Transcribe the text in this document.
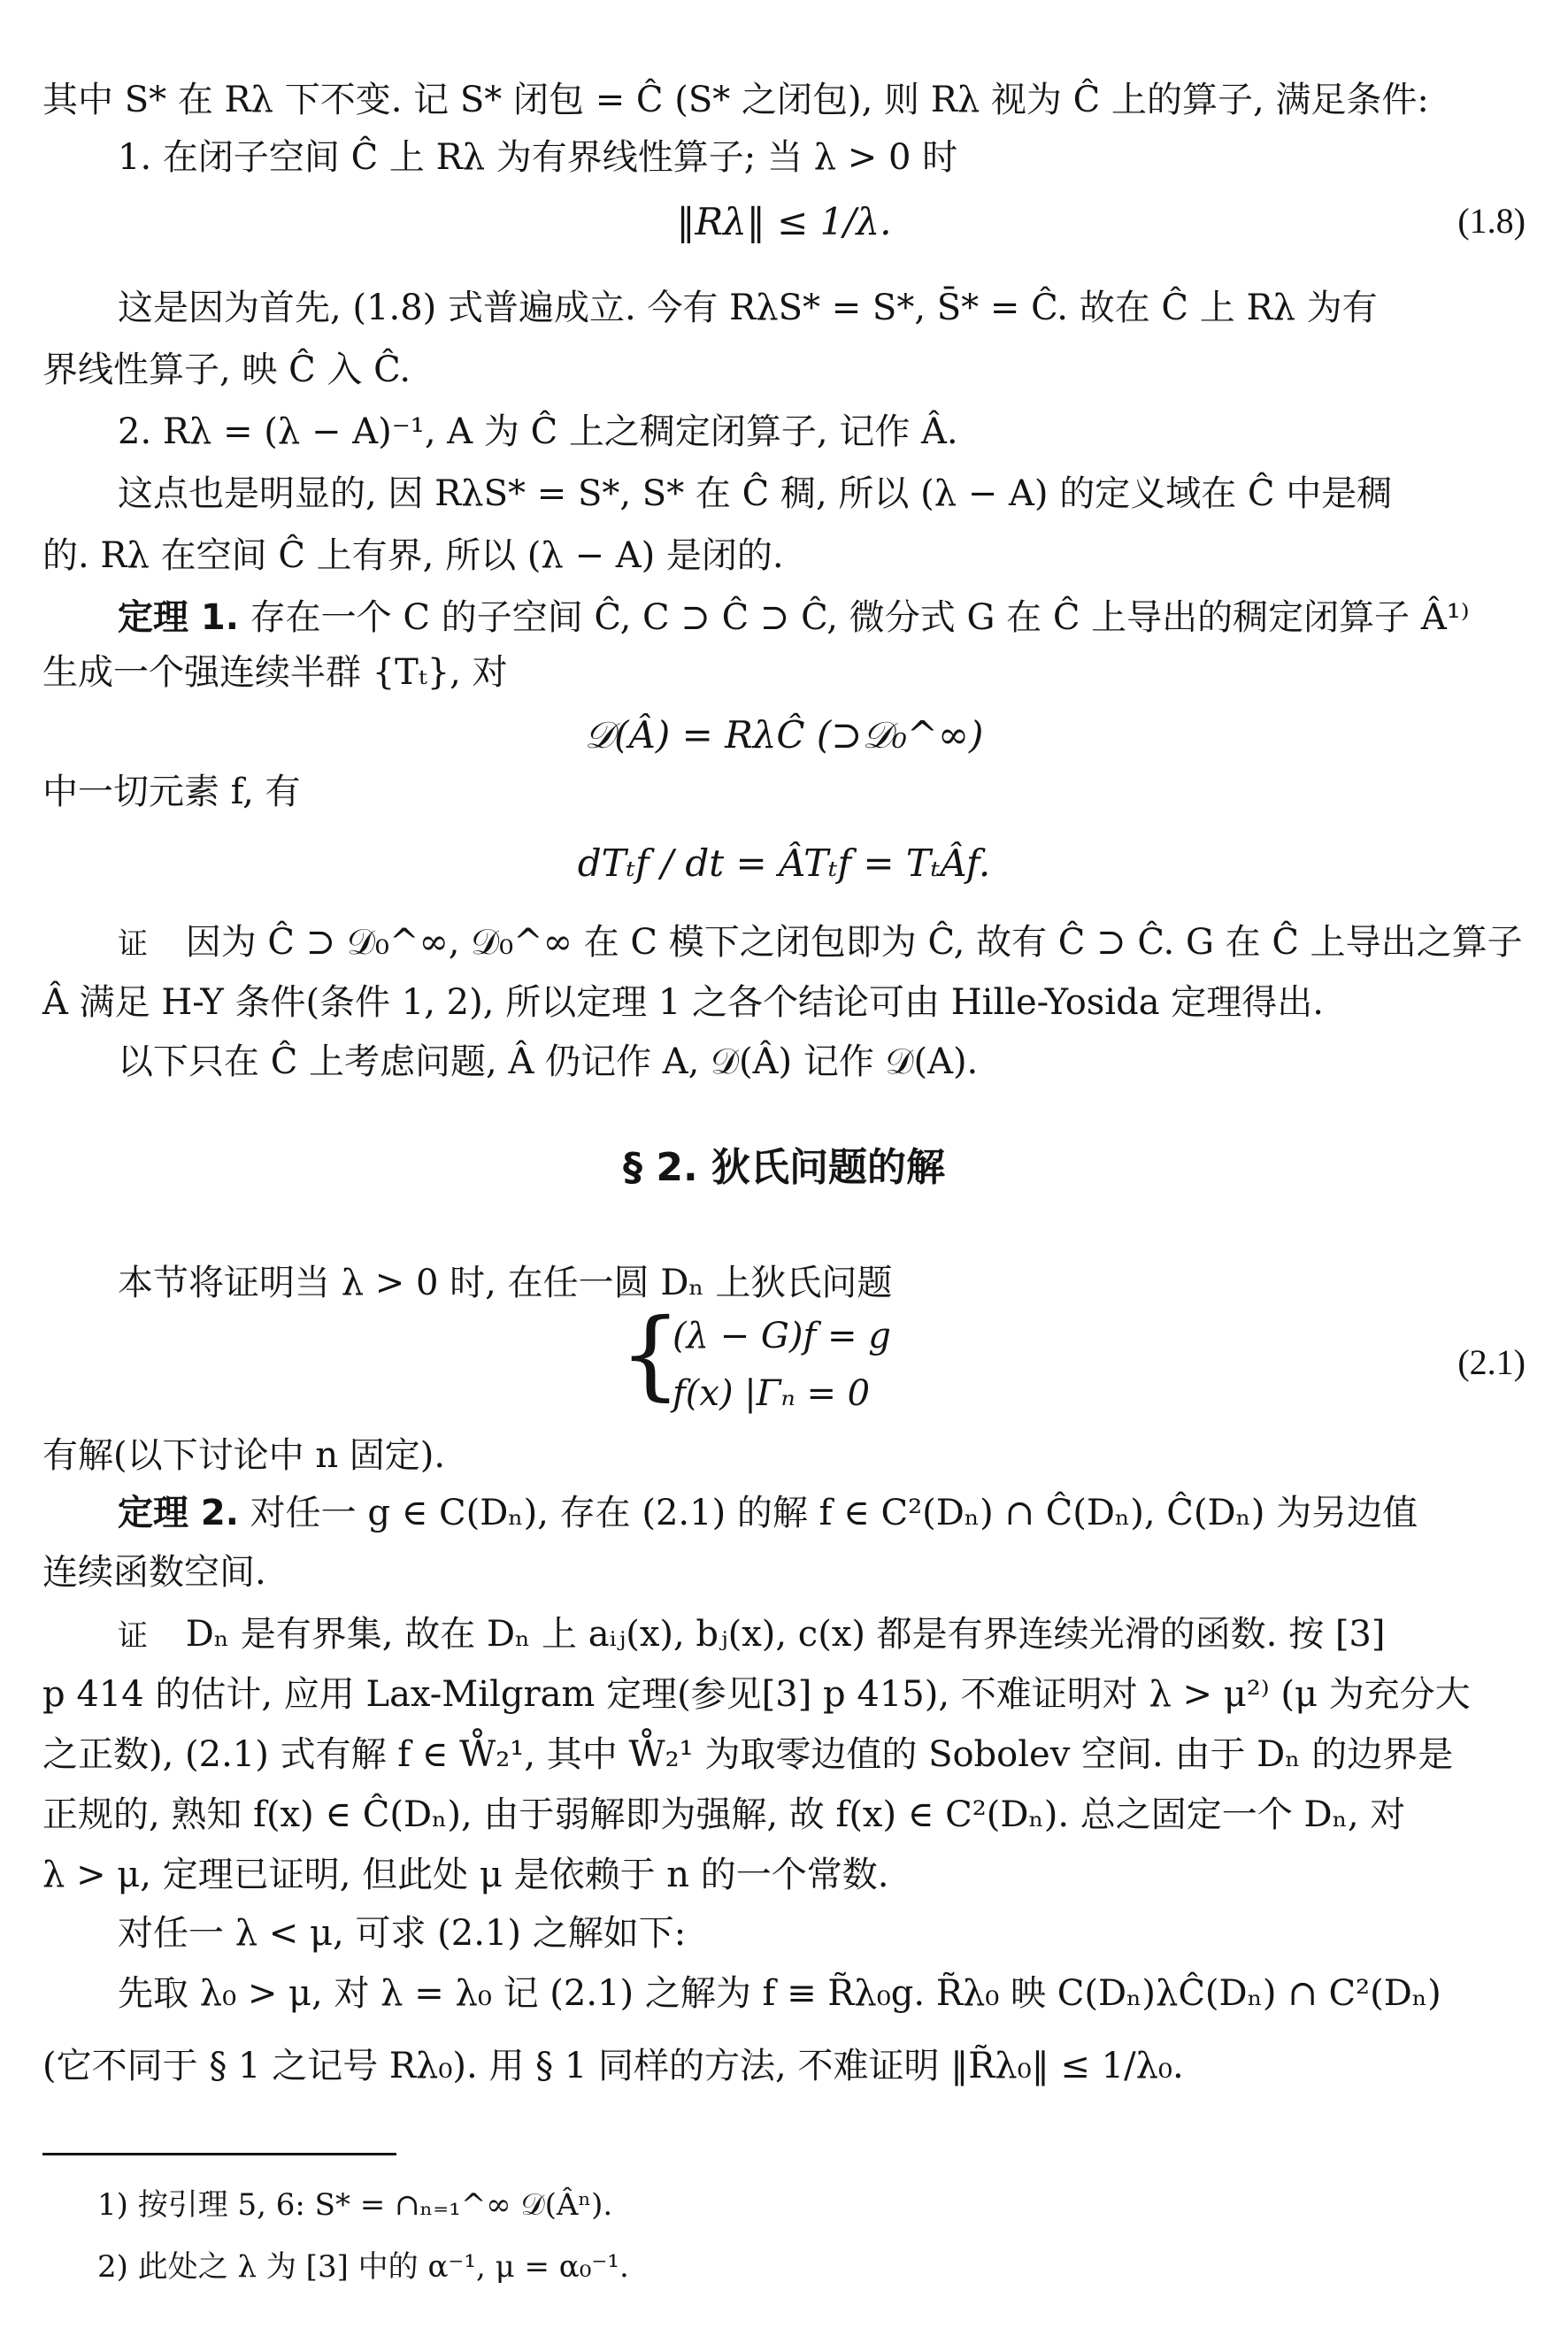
其中 S* 在 Rλ 下不变. 记 S* 闭包 = Ĉ (S* 之闭包), 则 Rλ 视为 Ĉ 上的算子, 满足条件:
1. 在闭子空间 Ĉ 上 Rλ 为有界线性算子; 当 λ > 0 时
‖Rλ‖ ≤ 1/λ.	(1.8)
这是因为首先, (1.8) 式普遍成立. 今有 RλS* = S*, S̄* = Ĉ. 故在 Ĉ 上 Rλ 为有
界线性算子, 映 Ĉ 入 Ĉ.
2. Rλ = (λ − A)⁻¹, A 为 Ĉ 上之稠定闭算子, 记作 Â.
这点也是明显的, 因 RλS* = S*, S* 在 Ĉ 稠, 所以 (λ − A) 的定义域在 Ĉ 中是稠
的. Rλ 在空间 Ĉ 上有界, 所以 (λ − A) 是闭的.
定理 1. 存在一个 C 的子空间 Ĉ, C ⊃ Ĉ ⊃ Ĉ, 微分式 G 在 Ĉ 上导出的稠定闭算子 Â¹⁾
生成一个强连续半群 {Tₜ}, 对
𝒟(Â) = RλĈ (⊃𝒟₀^∞)
中一切元素 f, 有
dTₜf / dt = ÂTₜf = TₜÂf.
证 因为 Ĉ ⊃ 𝒟₀^∞, 𝒟₀^∞ 在 C 模下之闭包即为 Ĉ, 故有 Ĉ ⊃ Ĉ. G 在 Ĉ 上导出之算子
Â 满足 H-Y 条件(条件 1, 2), 所以定理 1 之各个结论可由 Hille-Yosida 定理得出.
以下只在 Ĉ 上考虑问题, Â 仍记作 A, 𝒟(Â) 记作 𝒟(A).
§ 2. 狄氏问题的解
本节将证明当 λ > 0 时, 在任一圆 Dₙ 上狄氏问题
{
(λ − G)f = g
f(x) |Γₙ = 0
(2.1)
有解(以下讨论中 n 固定).
定理 2. 对任一 g ∈ C(Dₙ), 存在 (2.1) 的解 f ∈ C²(Dₙ) ∩ Ĉ(Dₙ), Ĉ(Dₙ) 为另边值
连续函数空间.
证 Dₙ 是有界集, 故在 Dₙ 上 aᵢⱼ(x), bⱼ(x), c(x) 都是有界连续光滑的函数. 按 [3]
p 414 的估计, 应用 Lax-Milgram 定理(参见[3] p 415), 不难证明对 λ > μ²⁾ (μ 为充分大
之正数), (2.1) 式有解 f ∈ W̊₂¹, 其中 W̊₂¹ 为取零边值的 Sobolev 空间. 由于 Dₙ 的边界是
正规的, 熟知 f(x) ∈ Ĉ(Dₙ), 由于弱解即为强解, 故 f(x) ∈ C²(Dₙ). 总之固定一个 Dₙ, 对
λ > μ, 定理已证明, 但此处 μ 是依赖于 n 的一个常数.
对任一 λ < μ, 可求 (2.1) 之解如下:
先取 λ₀ > μ, 对 λ = λ₀ 记 (2.1) 之解为 f ≡ R̃λ₀g. R̃λ₀ 映 C(Dₙ)λĈ(Dₙ) ∩ C²(Dₙ)
(它不同于 § 1 之记号 Rλ₀). 用 § 1 同样的方法, 不难证明 ‖R̃λ₀‖ ≤ 1/λ₀.
1) 按引理 5, 6: S* = ∩ₙ₌₁^∞ 𝒟(Âⁿ).
2) 此处之 λ 为 [3] 中的 α⁻¹, μ = α₀⁻¹.
